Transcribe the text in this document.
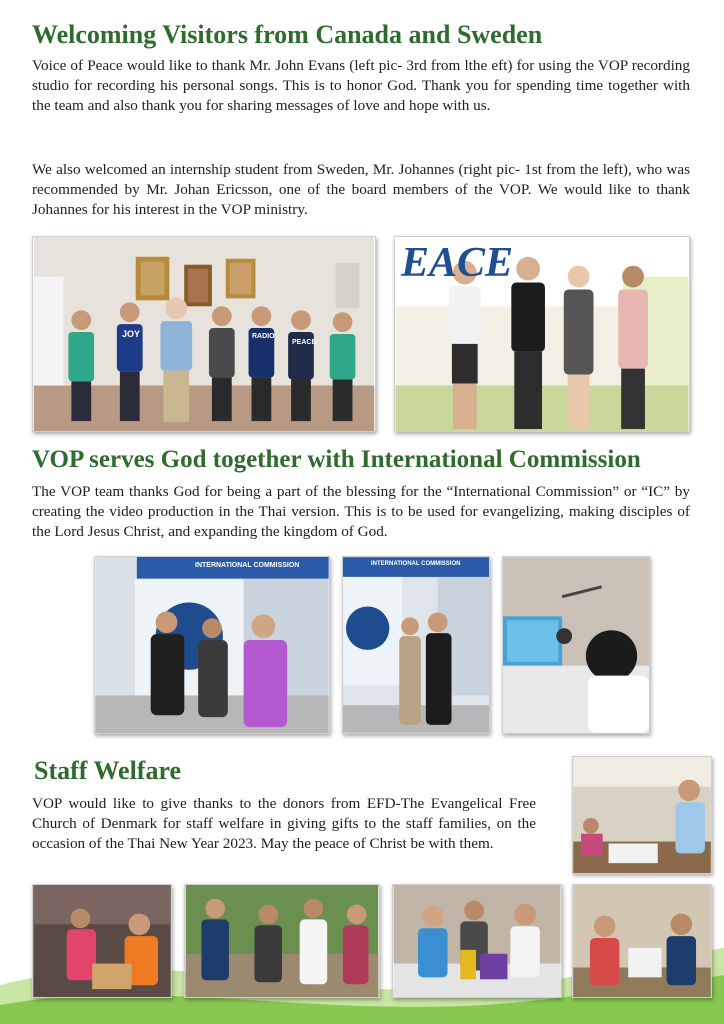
Welcoming Visitors from Canada and Sweden

Voice of Peace would like to thank Mr. John Evans (left pic- 3rd from lthe eft) for using the VOP recording studio for recording his personal songs. This is to honor God. Thank you for spending time together with the team and also thank you for sharing messages of love and hope with us.

We also welcomed an internship student from Sweden, Mr. Johannes (right pic- 1st from the left), who was recommended by Mr. Johan Ericsson, one of the board members of the VOP. We would like to thank Johannes for his interest in the VOP ministry.

JOY	RADIO
PEACE
EACE
VOP serves God together with International Commission

The VOP team thanks God for being a part of the blessing for the “International Commission” or “IC” by creating the video production in the Thai version. This is to be used for evangelizing, making disciples of the Lord Jesus Christ, and expanding the kingdom of God.

INTERNATIONAL COMMISSION	INTERNATIONAL COMMISSION
Staff Welfare

VOP would like to give thanks to the donors from EFD-The Evangelical Free Church of Denmark for staff welfare in giving gifts to the staff families, on the occasion of the Thai New Year 2023. May the peace of Christ be with them.
